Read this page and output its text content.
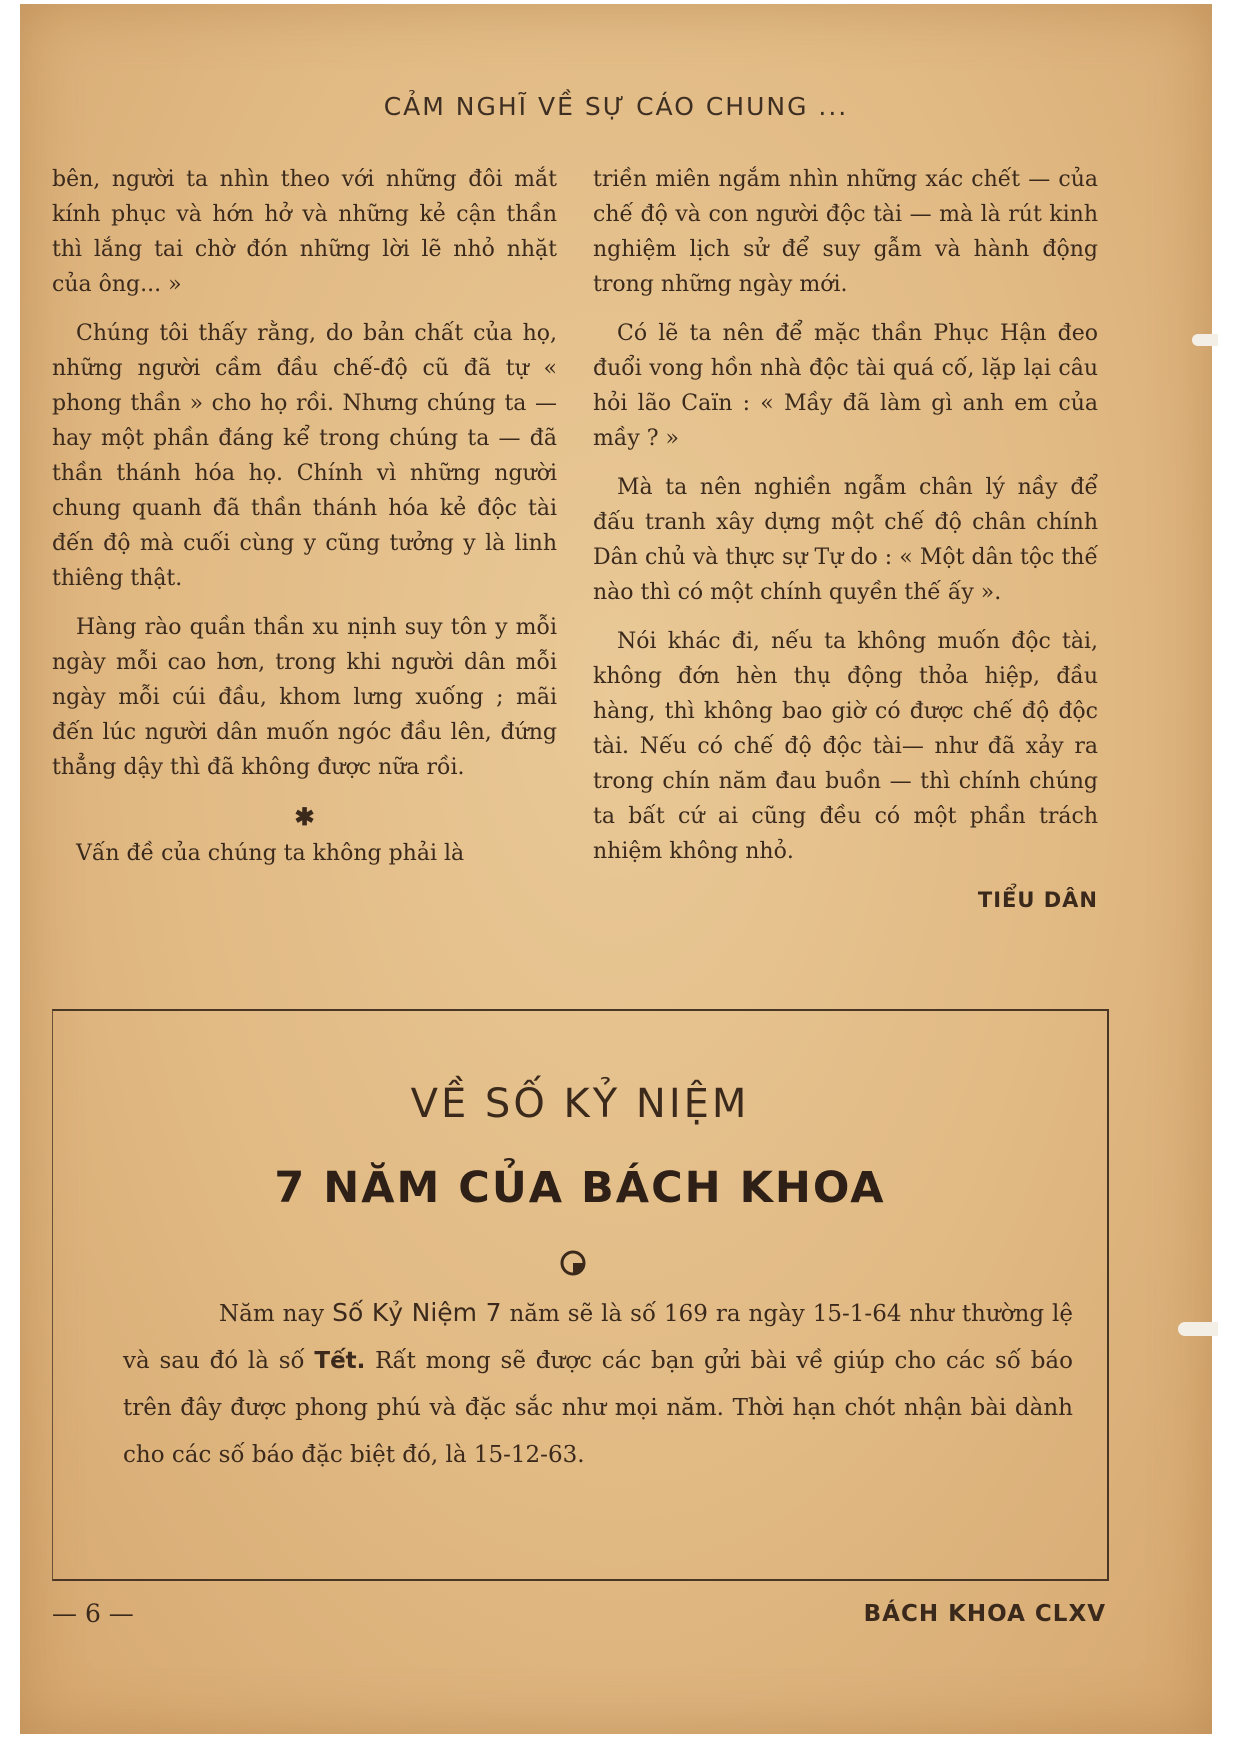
CẢM NGHĨ VỀ SỰ CÁO CHUNG ...

bên, người ta nhìn theo với những đôi mắt kính phục và hớn hở và những kẻ cận thần thì lắng tai chờ đón những lời lẽ nhỏ nhặt của ông... »

Chúng tôi thấy rằng, do bản chất của họ, những người cầm đầu chế-độ cũ đã tự « phong thần » cho họ rồi. Nhưng chúng ta — hay một phần đáng kể trong chúng ta — đã thần thánh hóa họ. Chính vì những người chung quanh đã thần thánh hóa kẻ độc tài đến độ mà cuối cùng y cũng tưởng y là linh thiêng thật.

Hàng rào quần thần xu nịnh suy tôn y mỗi ngày mỗi cao hơn, trong khi người dân mỗi ngày mỗi cúi đầu, khom lưng xuống ; mãi đến lúc người dân muốn ngóc đầu lên, đứng thẳng dậy thì đã không được nữa rồi.

✱

Vấn đề của chúng ta không phải là

triền miên ngắm nhìn những xác chết — của chế độ và con người độc tài — mà là rút kinh nghiệm lịch sử để suy gẫm và hành động trong những ngày mới.

Có lẽ ta nên để mặc thần Phục Hận đeo đuổi vong hồn nhà độc tài quá cố, lặp lại câu hỏi lão Caïn : « Mầy đã làm gì anh em của mầy ? »

Mà ta nên nghiền ngẫm chân lý nầy để đấu tranh xây dựng một chế độ chân chính Dân chủ và thực sự Tự do : « Một dân tộc thế nào thì có một chính quyền thế ấy ».

Nói khác đi, nếu ta không muốn độc tài, không đớn hèn thụ động thỏa hiệp, đầu hàng, thì không bao giờ có được chế độ độc tài. Nếu có chế độ độc tài— như đã xảy ra trong chín năm đau buồn — thì chính chúng ta bất cứ ai cũng đều có một phần trách nhiệm không nhỏ.

TIỂU DÂN
VỀ SỐ KỶ NIỆM
7 NĂM CỦA BÁCH KHOA
Năm nay Số Kỷ Niệm 7 năm sẽ là số 169 ra ngày 15-1-64 như thường lệ và sau đó là số Tết. Rất mong sẽ được các bạn gửi bài về giúp cho các số báo trên đây được phong phú và đặc sắc như mọi năm. Thời hạn chót nhận bài dành cho các số báo đặc biệt đó, là 15-12-63.
— 6 —	BÁCH KHOA CLXV
